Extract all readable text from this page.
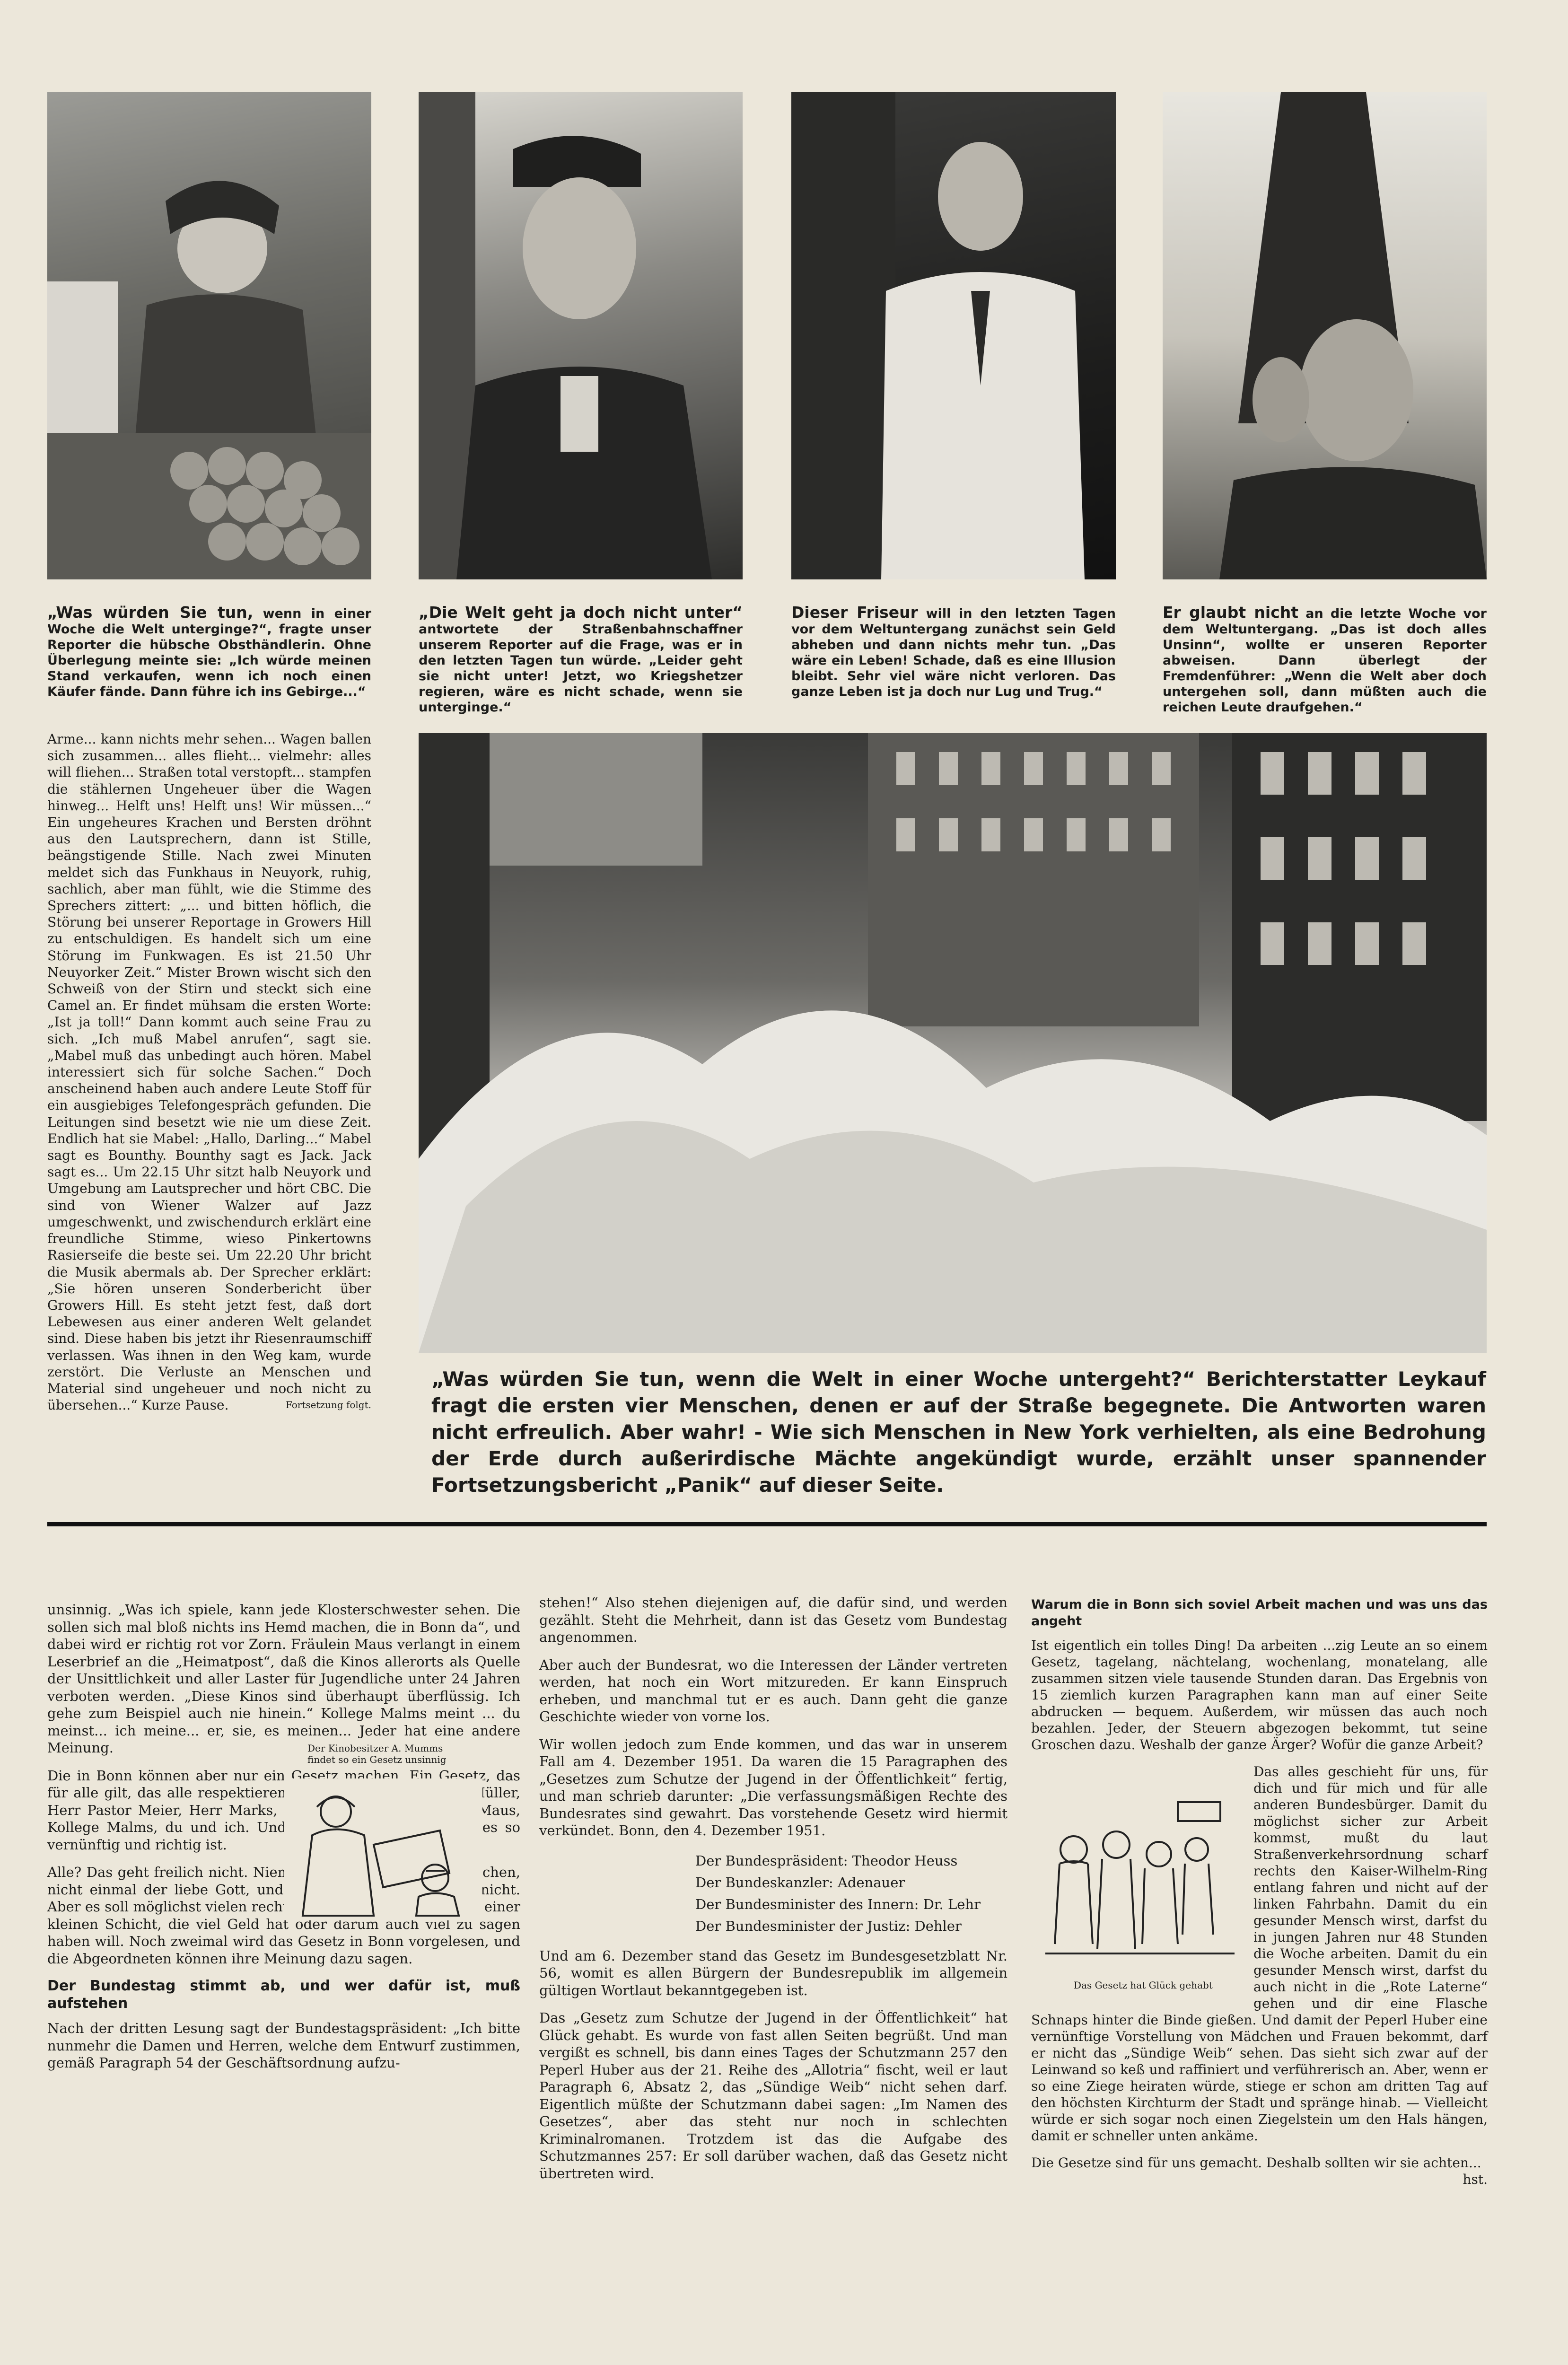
„Was würden Sie tun, wenn in einer Woche die Welt unterginge?“, fragte unser Reporter die hübsche Obsthändlerin. Ohne Überlegung meinte sie: „Ich würde meinen Stand verkaufen, wenn ich noch einen Käufer fände. Dann führe ich ins Gebirge...“
„Die Welt geht ja doch nicht unter“ antwortete der Straßenbahnschaffner unserem Reporter auf die Frage, was er in den letzten Tagen tun würde. „Leider geht sie nicht unter! Jetzt, wo Kriegshetzer regieren, wäre es nicht schade, wenn sie unterginge.“
Dieser Friseur will in den letzten Tagen vor dem Weltuntergang zunächst sein Geld abheben und dann nichts mehr tun. „Das wäre ein Leben! Schade, daß es eine Illusion bleibt. Sehr viel wäre nicht verloren. Das ganze Leben ist ja doch nur Lug und Trug.“
Er glaubt nicht an die letzte Woche vor dem Weltuntergang. „Das ist doch alles Unsinn“, wollte er unseren Reporter abweisen. Dann überlegt der Fremdenführer: „Wenn die Welt aber doch untergehen soll, dann müßten auch die reichen Leute draufgehen.“
Arme... kann nichts mehr sehen... Wagen ballen sich zusammen... alles flieht... vielmehr: alles will fliehen... Straßen total verstopft... stampfen die stählernen Ungeheuer über die Wagen hinweg... Helft uns! Helft uns! Wir müssen...“ Ein ungeheures Krachen und Bersten dröhnt aus den Lautsprechern, dann ist Stille, beängstigende Stille. Nach zwei Minuten meldet sich das Funkhaus in Neuyork, ruhig, sachlich, aber man fühlt, wie die Stimme des Sprechers zittert: „... und bitten höflich, die Störung bei unserer Reportage in Growers Hill zu entschuldigen. Es handelt sich um eine Störung im Funkwagen. Es ist 21.50 Uhr Neuyorker Zeit.“ Mister Brown wischt sich den Schweiß von der Stirn und steckt sich eine Camel an. Er findet mühsam die ersten Worte: „Ist ja toll!“ Dann kommt auch seine Frau zu sich. „Ich muß Mabel anrufen“, sagt sie. „Mabel muß das unbedingt auch hören. Mabel interessiert sich für solche Sachen.“ Doch anscheinend haben auch andere Leute Stoff für ein ausgiebiges Telefongespräch gefunden. Die Leitungen sind besetzt wie nie um diese Zeit. Endlich hat sie Mabel: „Hallo, Darling...“ Mabel sagt es Bounthy. Bounthy sagt es Jack. Jack sagt es... Um 22.15 Uhr sitzt halb Neuyork und Umgebung am Lautsprecher und hört CBC. Die sind von Wiener Walzer auf Jazz umgeschwenkt, und zwischendurch erklärt eine freundliche Stimme, wieso Pinkertowns Rasierseife die beste sei. Um 22.20 Uhr bricht die Musik abermals ab. Der Sprecher erklärt: „Sie hören unseren Sonderbericht über Growers Hill. Es steht jetzt fest, daß dort Lebewesen aus einer anderen Welt gelandet sind. Diese haben bis jetzt ihr Riesenraumschiff verlassen. Was ihnen in den Weg kam, wurde zerstört. Die Verluste an Menschen und Material sind ungeheuer und noch nicht zu übersehen...“ Kurze Pause.	Fortsetzung folgt.
„Was würden Sie tun, wenn die Welt in einer Woche untergeht?“ Berichterstatter Leykauf fragt die ersten vier Menschen, denen er auf der Straße begegnete. Die Antworten waren nicht erfreulich. Aber wahr! - Wie sich Menschen in New York verhielten, als eine Bedrohung der Erde durch außerirdische Mächte angekündigt wurde, erzählt unser spannender Fortsetzungsbericht „Panik“ auf dieser Seite.

unsinnig. „Was ich spiele, kann jede Klosterschwester sehen. Die sollen sich mal bloß nichts ins Hemd machen, die in Bonn da“, und dabei wird er richtig rot vor Zorn. Fräulein Maus verlangt in einem Leserbrief an die „Heimatpost“, daß die Kinos allerorts als Quelle der Unsittlichkeit und aller Laster für Jugendliche unter 24 Jahren verboten werden. „Diese Kinos sind überhaupt überflüssig. Ich gehe zum Beispiel auch nie hinein.“ Kollege Malms meint ... du meinst... ich meine... er, sie, es meinen... Jeder hat eine andere Meinung.

Die in Bonn können aber nur ein Gesetz machen. Ein Gesetz, das für alle gilt, das alle respektieren sollen und können: Herr Müller, Herr Pastor Meier, Herr Marks, Kinochef Mumm, Fräulein Maus, Kollege Malms, du und ich. Und alle sollen einsehen, daß es so vernünftig und richtig ist.

Alle? Das geht freilich nicht. Niemand kann es allen recht machen, nicht einmal der liebe Gott, und der Bundestag erst recht nicht. Aber es soll möglichst vielen recht gemacht werden und nicht einer kleinen Schicht, die viel Geld hat oder darum auch viel zu sagen haben will. Noch zweimal wird das Gesetz in Bonn vorgelesen, und die Abgeordneten können ihre Meinung dazu sagen.

Der Bundestag stimmt ab, und wer dafür ist, muß aufstehen

Nach der dritten Lesung sagt der Bundestagspräsident: „Ich bitte nunmehr die Damen und Herren, welche dem Entwurf zustimmen, gemäß Paragraph 54 der Geschäftsordnung aufzu-

Der Kinobesitzer A. Mumms findet so ein Gesetz unsinnig

stehen!“ Also stehen diejenigen auf, die dafür sind, und werden gezählt. Steht die Mehrheit, dann ist das Gesetz vom Bundestag angenommen.

Aber auch der Bundesrat, wo die Interessen der Länder vertreten werden, hat noch ein Wort mitzureden. Er kann Einspruch erheben, und manchmal tut er es auch. Dann geht die ganze Geschichte wieder von vorne los.

Wir wollen jedoch zum Ende kommen, und das war in unserem Fall am 4. Dezember 1951. Da waren die 15 Paragraphen des „Gesetzes zum Schutze der Jugend in der Öffentlichkeit“ fertig, und man schrieb darunter: „Die verfassungsmäßigen Rechte des Bundesrates sind gewahrt. Das vorstehende Gesetz wird hiermit verkündet. Bonn, den 4. Dezember 1951.

Der Bundespräsident: Theodor Heuss
Der Bundeskanzler: Adenauer
Der Bundesminister des Innern: Dr. Lehr
Der Bundesminister der Justiz: Dehler

Und am 6. Dezember stand das Gesetz im Bundesgesetzblatt Nr. 56, womit es allen Bürgern der Bundesrepublik im allgemein gültigen Wortlaut bekanntgegeben ist.

Das „Gesetz zum Schutze der Jugend in der Öffentlichkeit“ hat Glück gehabt. Es wurde von fast allen Seiten begrüßt. Und man vergißt es schnell, bis dann eines Tages der Schutzmann 257 den Peperl Huber aus der 21. Reihe des „Allotria“ fischt, weil er laut Paragraph 6, Absatz 2, das „Sündige Weib“ nicht sehen darf. Eigentlich müßte der Schutzmann dabei sagen: „Im Namen des Gesetzes“, aber das steht nur noch in schlechten Kriminalromanen. Trotzdem ist das die Aufgabe des Schutzmannes 257: Er soll darüber wachen, daß das Gesetz nicht übertreten wird.

Warum die in Bonn sich soviel Arbeit machen und was uns das angeht

Ist eigentlich ein tolles Ding! Da arbeiten ...zig Leute an so einem Gesetz, tagelang, nächtelang, wochenlang, monatelang, alle zusammen sitzen viele tausende Stunden daran. Das Ergebnis von 15 ziemlich kurzen Paragraphen kann man auf einer Seite abdrucken — bequem. Außerdem, wir müssen das auch noch bezahlen. Jeder, der Steuern abgezogen bekommt, tut seine Groschen dazu. Weshalb der ganze Ärger? Wofür die ganze Arbeit?

Das alles geschieht für uns, für dich und für mich und für alle anderen Bundesbürger. Damit du möglichst sicher zur Arbeit kommst, mußt du laut Straßenverkehrsordnung scharf rechts den Kaiser-Wilhelm-Ring entlang fahren und nicht auf der linken Fahrbahn. Damit du ein gesunder Mensch wirst, darfst du in jungen Jahren nur 48 Stunden die Woche arbeiten. Damit du ein gesunder Mensch wirst, darfst du auch nicht in die „Rote Laterne“ gehen und dir eine Flasche Schnaps hinter die Binde gießen. Und damit der Peperl Huber eine vernünftige Vorstellung von Mädchen und Frauen bekommt, darf er nicht das „Sündige Weib“ sehen. Das sieht sich zwar auf der Leinwand so keß und raffiniert und verführerisch an. Aber, wenn er so eine Ziege heiraten würde, stiege er schon am dritten Tag auf den höchsten Kirchturm der Stadt und spränge hinab. — Vielleicht würde er sich sogar noch einen Ziegelstein um den Hals hängen, damit er schneller unten ankäme.

Die Gesetze sind für uns gemacht. Deshalb sollten wir sie achten...

hst.
Das Gesetz hat Glück gehabt
